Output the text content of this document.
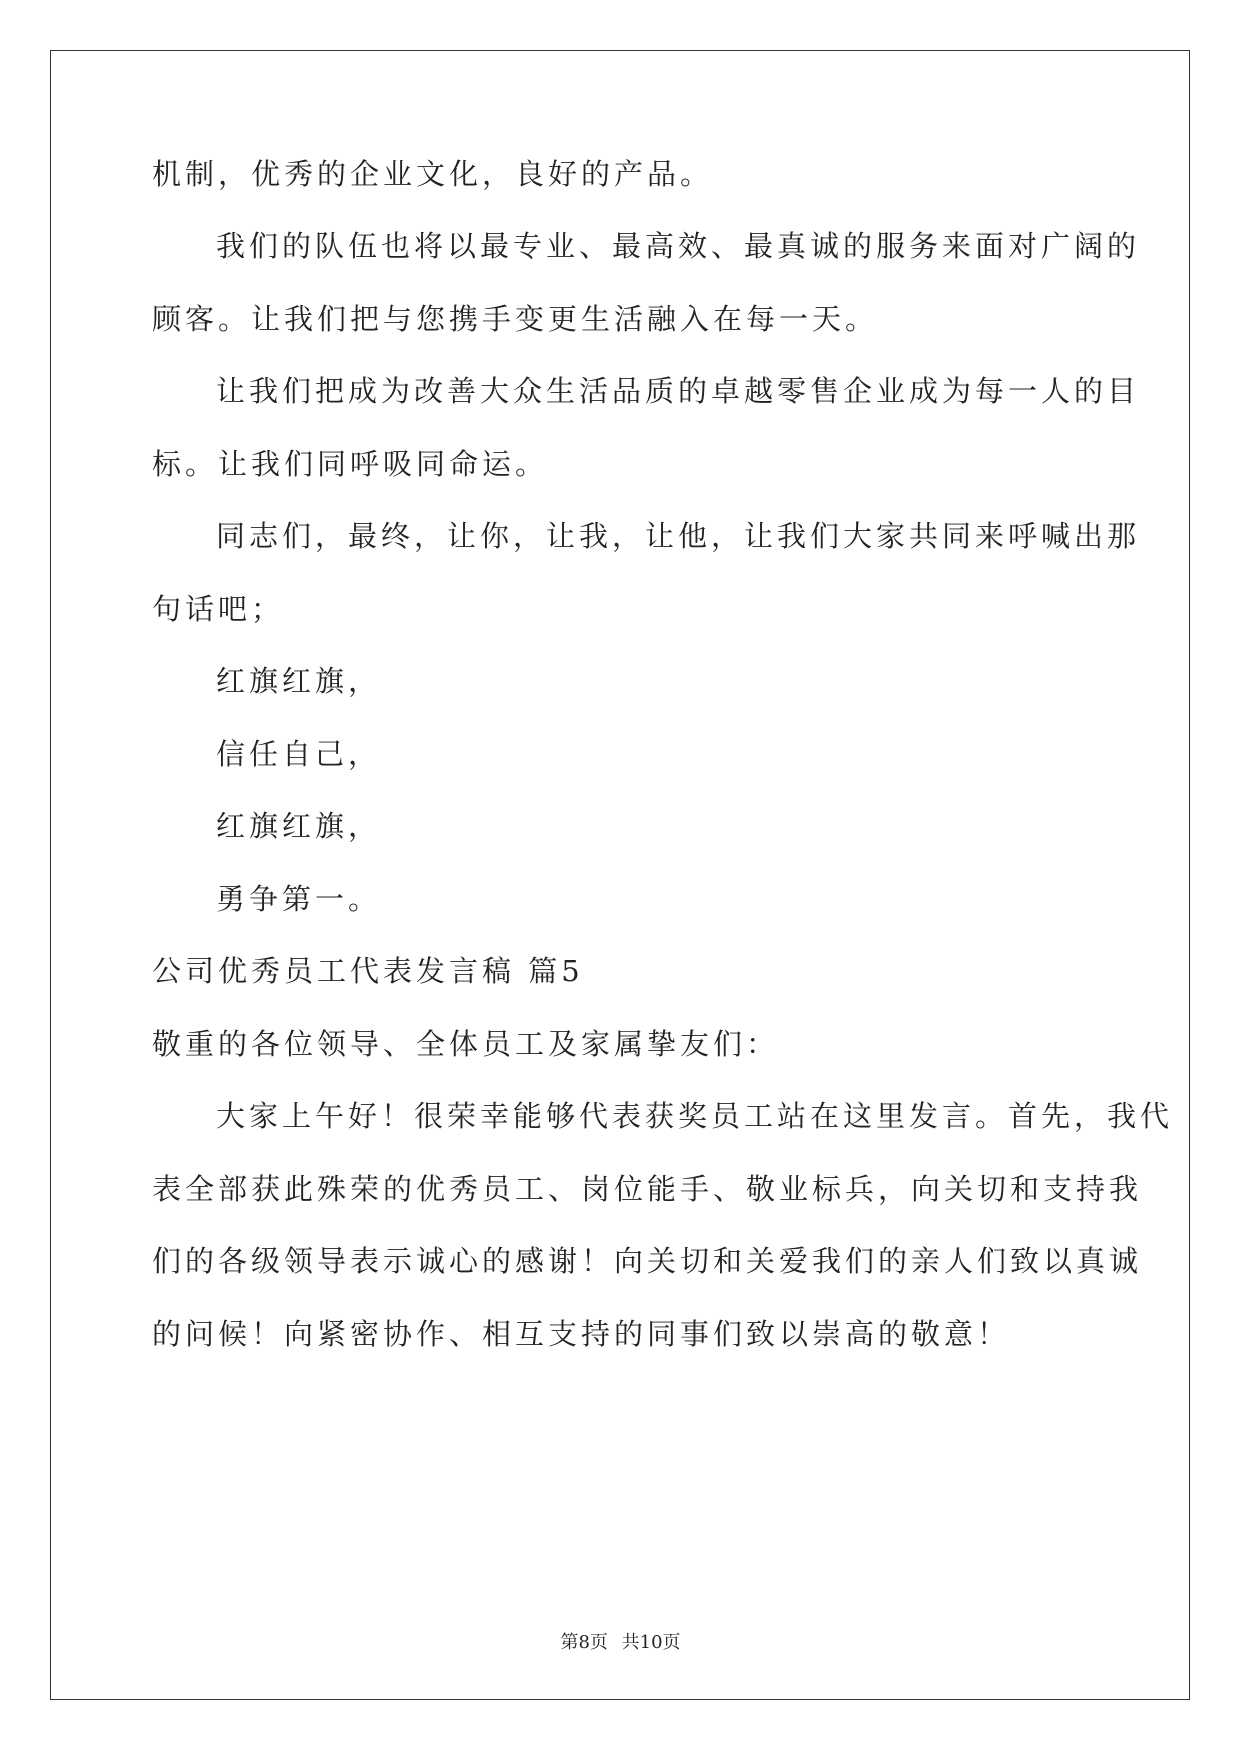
机制，优秀的企业文化，良好的产品。
我们的队伍也将以最专业、最高效、最真诚的服务来面对广阔的
顾客。让我们把与您携手变更生活融入在每一天。
让我们把成为改善大众生活品质的卓越零售企业成为每一人的目
标。让我们同呼吸同命运。
同志们，最终，让你，让我，让他，让我们大家共同来呼喊出那
句话吧；
红旗红旗，
信任自己，
红旗红旗，
勇争第一。
公司优秀员工代表发言稿 篇5
敬重的各位领导、全体员工及家属挚友们：
大家上午好！很荣幸能够代表获奖员工站在这里发言。首先，我代
表全部获此殊荣的优秀员工、岗位能手、敬业标兵，向关切和支持我
们的各级领导表示诚心的感谢！向关切和关爱我们的亲人们致以真诚
的问候！向紧密协作、相互支持的同事们致以崇高的敬意！
第8页 共10页
